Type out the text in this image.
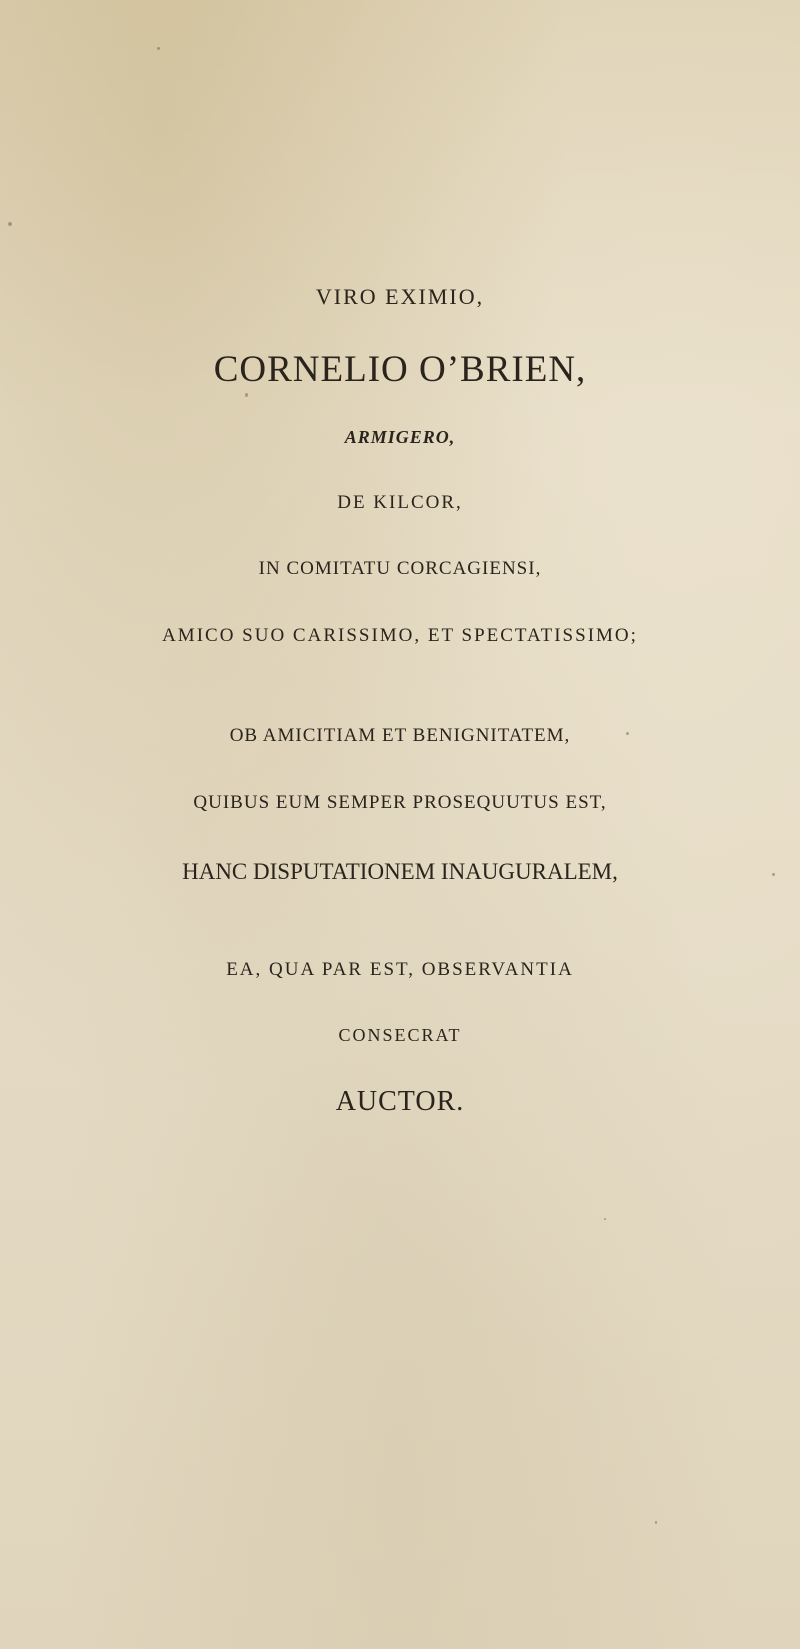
VIRO EXIMIO,
CORNELIO O’BRIEN,
ARMIGERO,
DE KILCOR,
IN COMITATU CORCAGIENSI,
AMICO SUO CARISSIMO, ET SPECTATISSIMO;
OB AMICITIAM ET BENIGNITATEM,
QUIBUS EUM SEMPER PROSEQUUTUS EST,
HANC DISPUTATIONEM INAUGURALEM,
EA, QUA PAR EST, OBSERVANTIA
CONSECRAT
AUCTOR.
